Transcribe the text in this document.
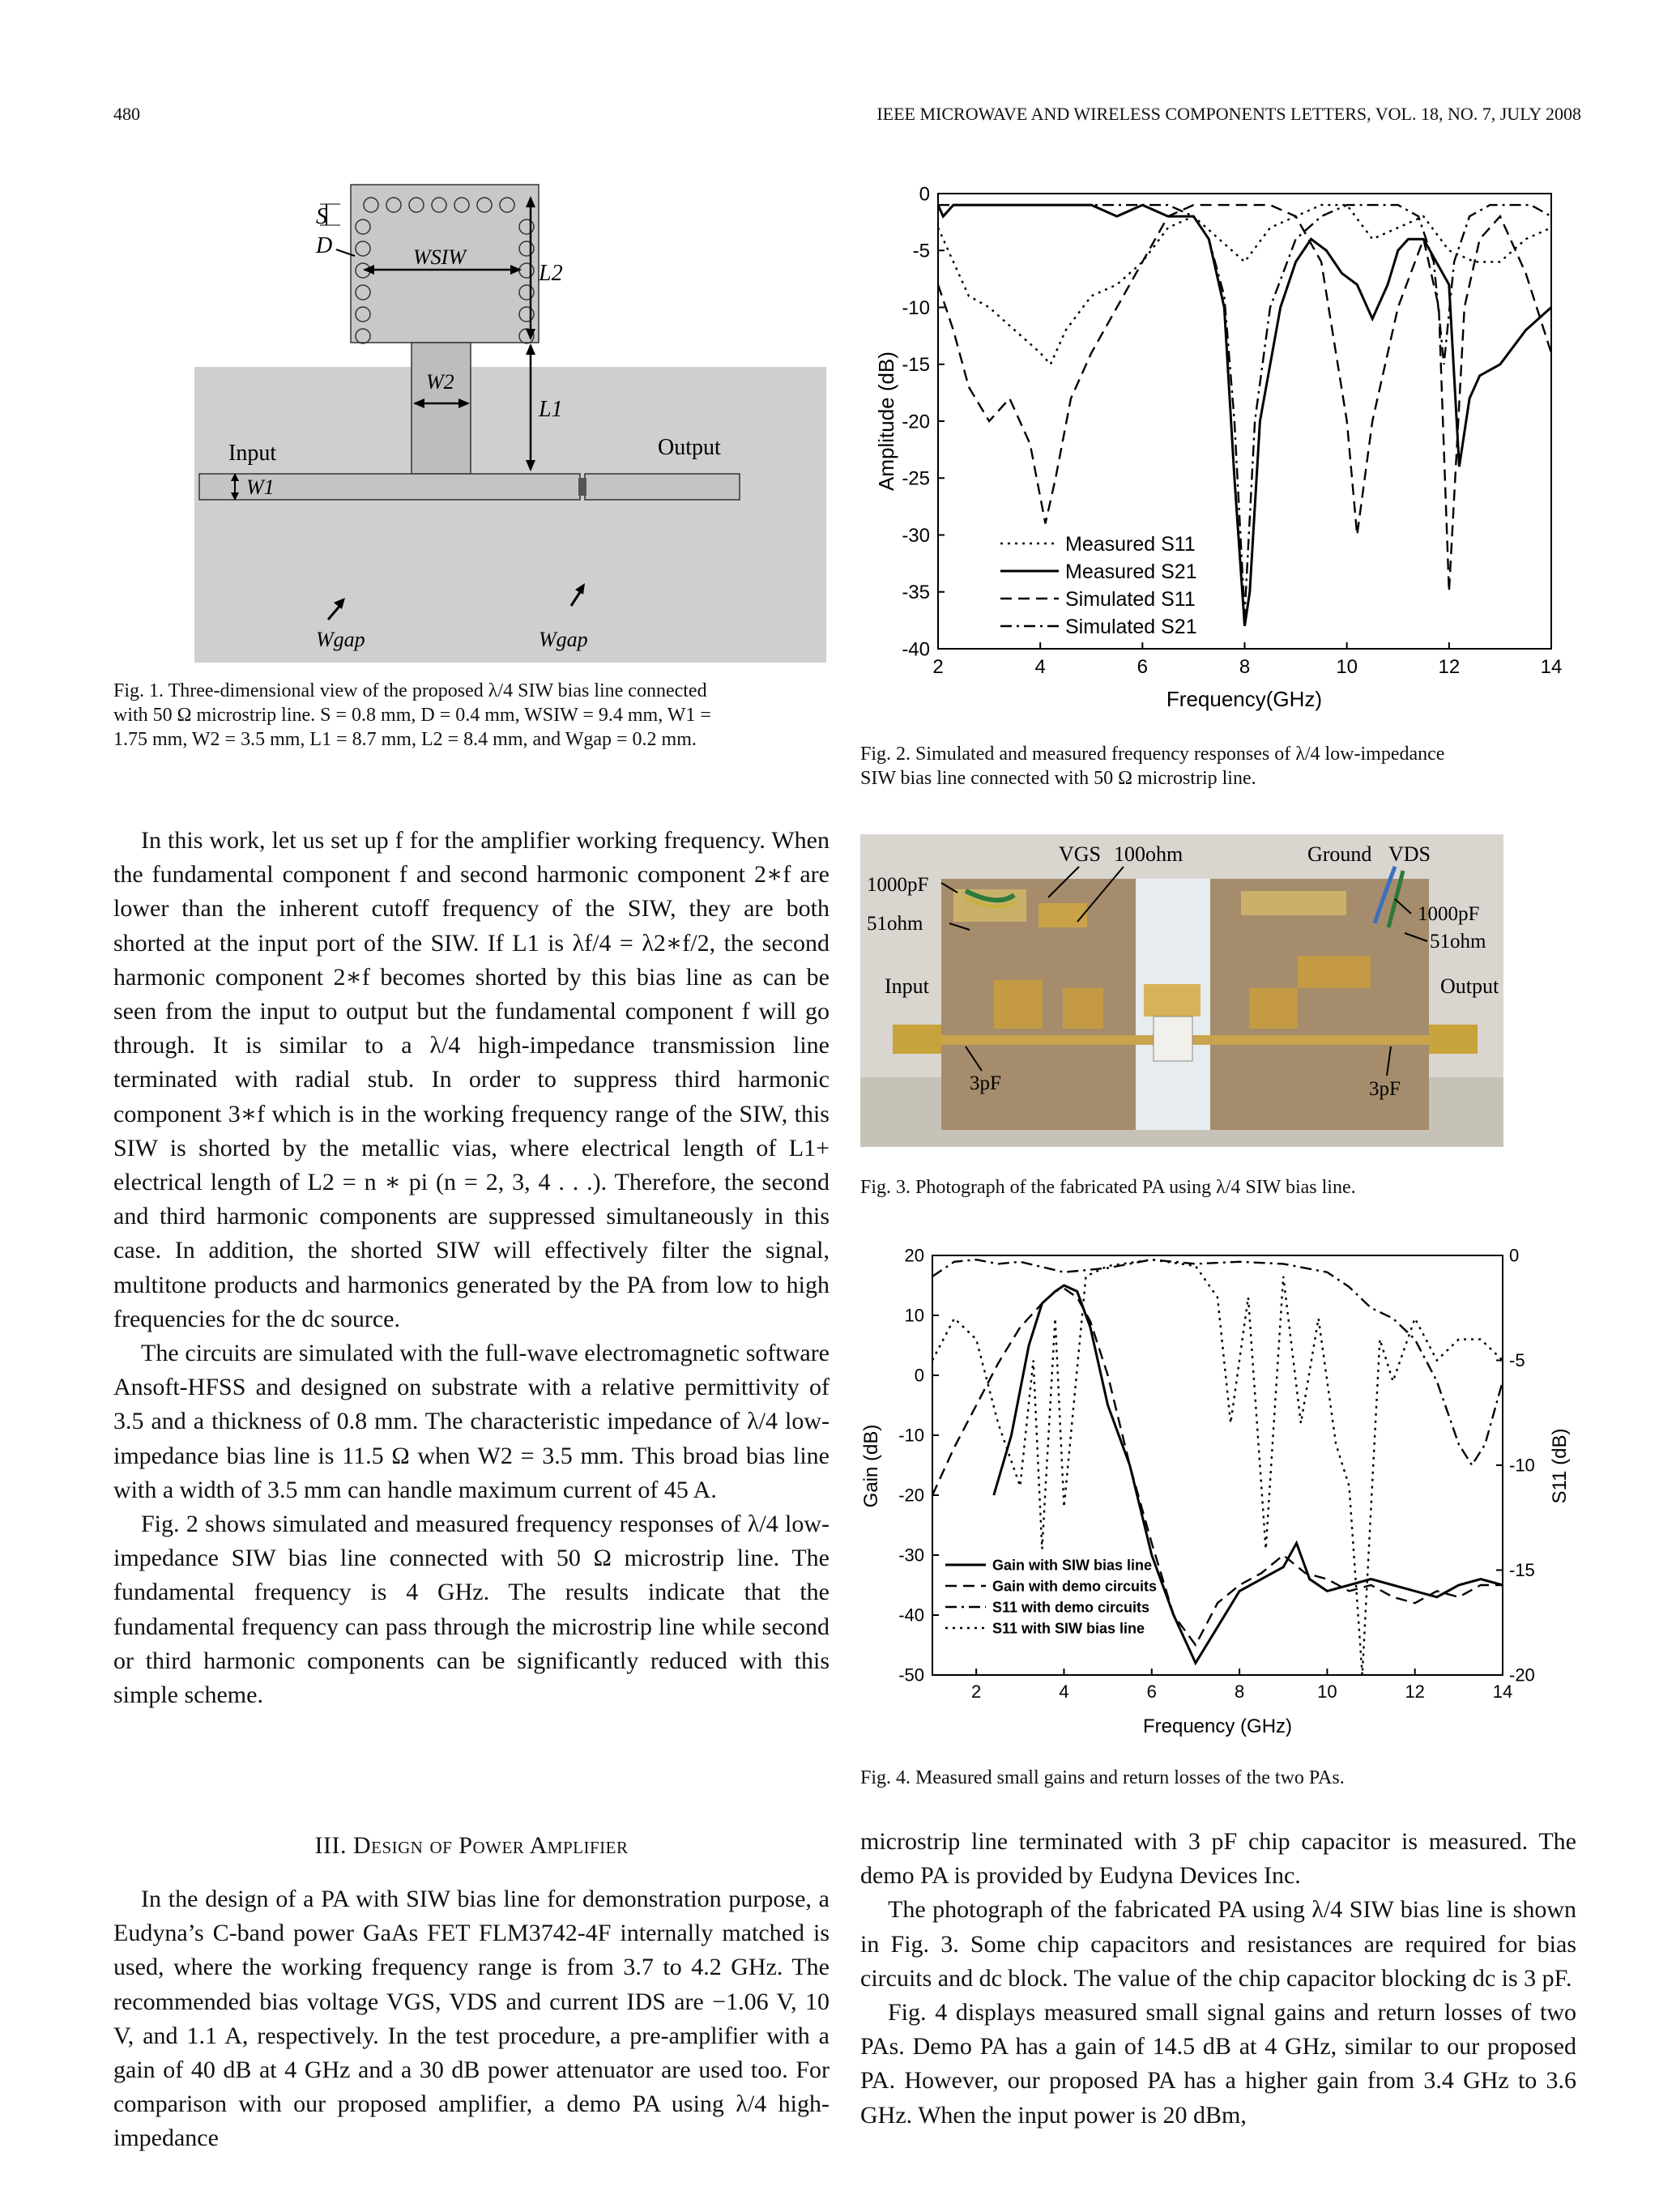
480	IEEE MICROWAVE AND WIRELESS COMPONENTS LETTERS, VOL. 18, NO. 7, JULY 2008
S
D	WSIW
L2
L1
W2
Input	Output
W1
Wgap	Wgap
Fig. 1. Three-dimensional view of the proposed λ/4 SIW bias line connected
with 50 Ω microstrip line. S = 0.8 mm, D = 0.4 mm, WSIW = 9.4 mm, W1 =
1.75 mm, W2 = 3.5 mm, L1 = 8.7 mm, L2 = 8.4 mm, and Wgap = 0.2 mm.
2	4	6	8	10	12	14
0
-5
-10
-15
-20
-25
-30
-35
-40
Measured S11
Measured S21
Simulated S11
Simulated S21
Amplitude (dB)
Frequency(GHz)
Fig. 2. Simulated and measured frequency responses of λ/4 low-impedance
SIW bias line connected with 50 Ω microstrip line.
VGS 100ohm	Ground VDS
1000pF
51ohm
Input
1000pF
51ohm
Output
3pF	3pF
Fig. 3. Photograph of the fabricated PA using λ/4 SIW bias line.
2	4	6	8	10	12	14
20
10
0
-10
-20
-30
-40
-50
0
-5
-10
-15
-20
Gain with SIW bias line
Gain with demo circuits
S11 with demo circuits
S11 with SIW bias line
Gain (dB)	S11 (dB)
Frequency (GHz)
Fig. 4. Measured small gains and return losses of the two PAs.

In this work, let us set up f for the amplifier working frequency. When the fundamental component f and second harmonic component 2∗f are lower than the inherent cutoff frequency of the SIW, they are both shorted at the input port of the SIW. If L1 is λf/4 = λ2∗f/2, the second harmonic component 2∗f becomes shorted by this bias line as can be seen from the input to output but the fundamental component f will go through. It is similar to a λ/4 high-impedance transmission line terminated with radial stub. In order to suppress third harmonic component 3∗f which is in the working frequency range of the SIW, this SIW is shorted by the metallic vias, where electrical length of L1+ electrical length of L2 = n ∗ pi (n = 2, 3, 4 . . .). Therefore, the second and third harmonic components are suppressed simultaneously in this case. In addition, the shorted SIW will effectively filter the signal, multitone products and harmonics generated by the PA from low to high frequencies for the dc source.

The circuits are simulated with the full-wave electromagnetic software Ansoft-HFSS and designed on substrate with a relative permittivity of 3.5 and a thickness of 0.8 mm. The characteristic impedance of λ/4 low-impedance bias line is 11.5 Ω when W2 = 3.5 mm. This broad bias line with a width of 3.5 mm can handle maximum current of 45 A.

Fig. 2 shows simulated and measured frequency responses of λ/4 low-impedance SIW bias line connected with 50 Ω microstrip line. The fundamental frequency is 4 GHz. The results indicate that the fundamental frequency can pass through the microstrip line while second or third harmonic components can be significantly reduced with this simple scheme.

III. Design of Power Amplifier

In the design of a PA with SIW bias line for demonstration purpose, a Eudyna’s C-band power GaAs FET FLM3742-4F internally matched is used, where the working frequency range is from 3.7 to 4.2 GHz. The recommended bias voltage VGS, VDS and current IDS are −1.06 V, 10 V, and 1.1 A, respectively. In the test procedure, a pre-amplifier with a gain of 40 dB at 4 GHz and a 30 dB power attenuator are used too. For comparison with our proposed amplifier, a demo PA using λ/4 high-impedance

microstrip line terminated with 3 pF chip capacitor is measured. The demo PA is provided by Eudyna Devices Inc.

The photograph of the fabricated PA using λ/4 SIW bias line is shown in Fig. 3. Some chip capacitors and resistances are required for bias circuits and dc block. The value of the chip capacitor blocking dc is 3 pF.

Fig. 4 displays measured small signal gains and return losses of two PAs. Demo PA has a gain of 14.5 dB at 4 GHz, similar to our proposed PA. However, our proposed PA has a higher gain from 3.4 GHz to 3.6 GHz. When the input power is 20 dBm,
